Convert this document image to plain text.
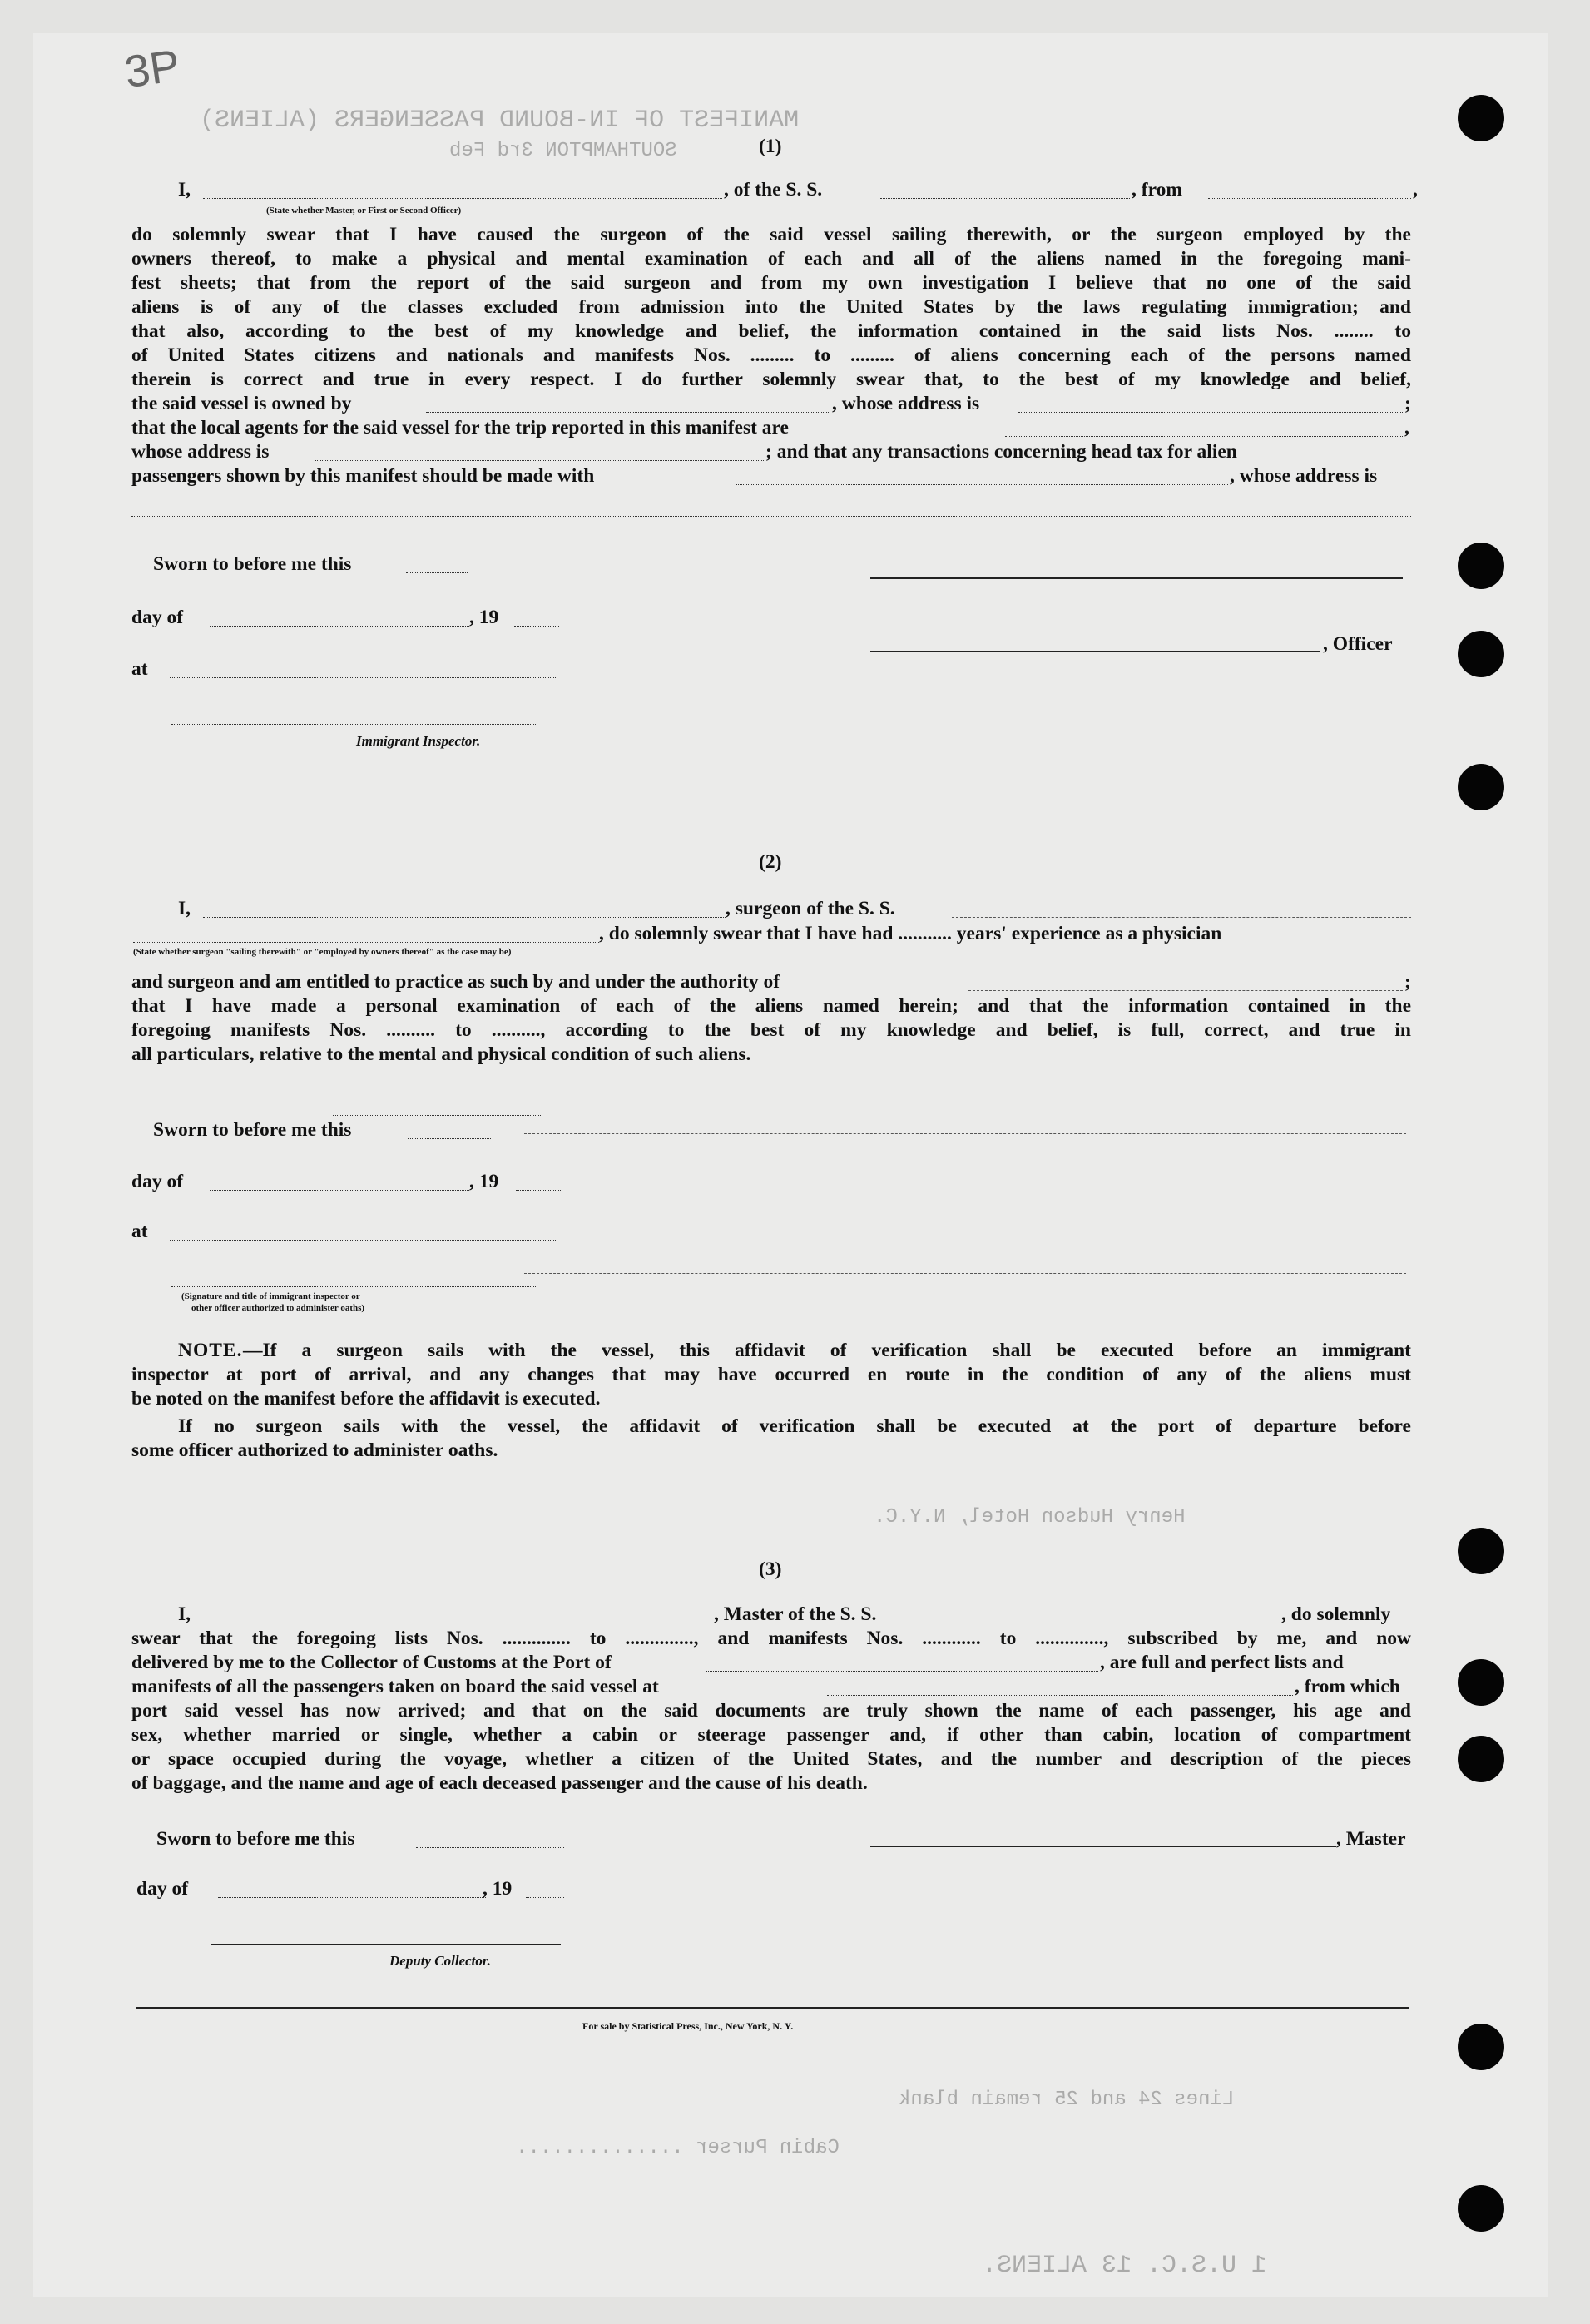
MANIFEST OF IN-BOUND PASSENGERS (ALIENS)
SOUTHAMPTON 3rd Feb
Lines 24 and 25 remain blank
Cabin Purser ..............
1 U.S.C. 13 ALIENS.
Henry Hudson Hotel, N.Y.C.
3P
(1)
I,	, of the S. S.	, from	,
(State whether Master, or First or Second Officer)
do solemnly swear that I have caused the surgeon of the said vessel sailing therewith, or the surgeon employed by the
owners thereof, to make a physical and mental examination of each and all of the aliens named in the foregoing mani-
fest sheets; that from the report of the said surgeon and from my own investigation I believe that no one of the said
aliens is of any of the classes excluded from admission into the United States by the laws regulating immigration; and
that also, according to the best of my knowledge and belief, the information contained in the said lists Nos. ........ to
of United States citizens and nationals and manifests Nos. ......... to ......... of aliens concerning each of the persons named
therein is correct and true in every respect. I do further solemnly swear that, to the best of my knowledge and belief,
the said vessel is owned by	, whose address is	;
that the local agents for the said vessel for the trip reported in this manifest are	,
whose address is	; and that any transactions concerning head tax for alien
passengers shown by this manifest should be made with	, whose address is
Sworn to before me this
day of	, 19
at
, Officer
Immigrant Inspector.
(2)
I,	, surgeon of the S. S.
(State whether surgeon "sailing therewith" or "employed by owners thereof" as the case may be)
, do solemnly swear that I have had ........... years' experience as a physician
and surgeon and am entitled to practice as such by and under the authority of	;
that I have made a personal examination of each of the aliens named herein; and that the information contained in the
foregoing manifests Nos. .......... to .........., according to the best of my knowledge and belief, is full, correct, and true in
all particulars, relative to the mental and physical condition of such aliens.
Sworn to before me this
day of	, 19
at
(Signature and title of immigrant inspector or
other officer authorized to administer oaths)
NOTE. —If a surgeon sails with the vessel, this affidavit of verification shall be executed before an immigrant
inspector at port of arrival, and any changes that may have occurred en route in the condition of any of the aliens must
be noted on the manifest before the affidavit is executed.
If no surgeon sails with the vessel, the affidavit of verification shall be executed at the port of departure before
some officer authorized to administer oaths.
(3)
I,	, Master of the S. S.	, do solemnly
swear that the foregoing lists Nos. .............. to .............., and manifests Nos. ............ to .............., subscribed by me, and now
delivered by me to the Collector of Customs at the Port of	, are full and perfect lists and
manifests of all the passengers taken on board the said vessel at	, from which
port said vessel has now arrived; and that on the said documents are truly shown the name of each passenger, his age and
sex, whether married or single, whether a cabin or steerage passenger and, if other than cabin, location of compartment
or space occupied during the voyage, whether a citizen of the United States, and the number and description of the pieces
of baggage, and the name and age of each deceased passenger and the cause of his death.
Sworn to before me this	, Master
day of	, 19
Deputy Collector.
For sale by Statistical Press, Inc., New York, N. Y.
